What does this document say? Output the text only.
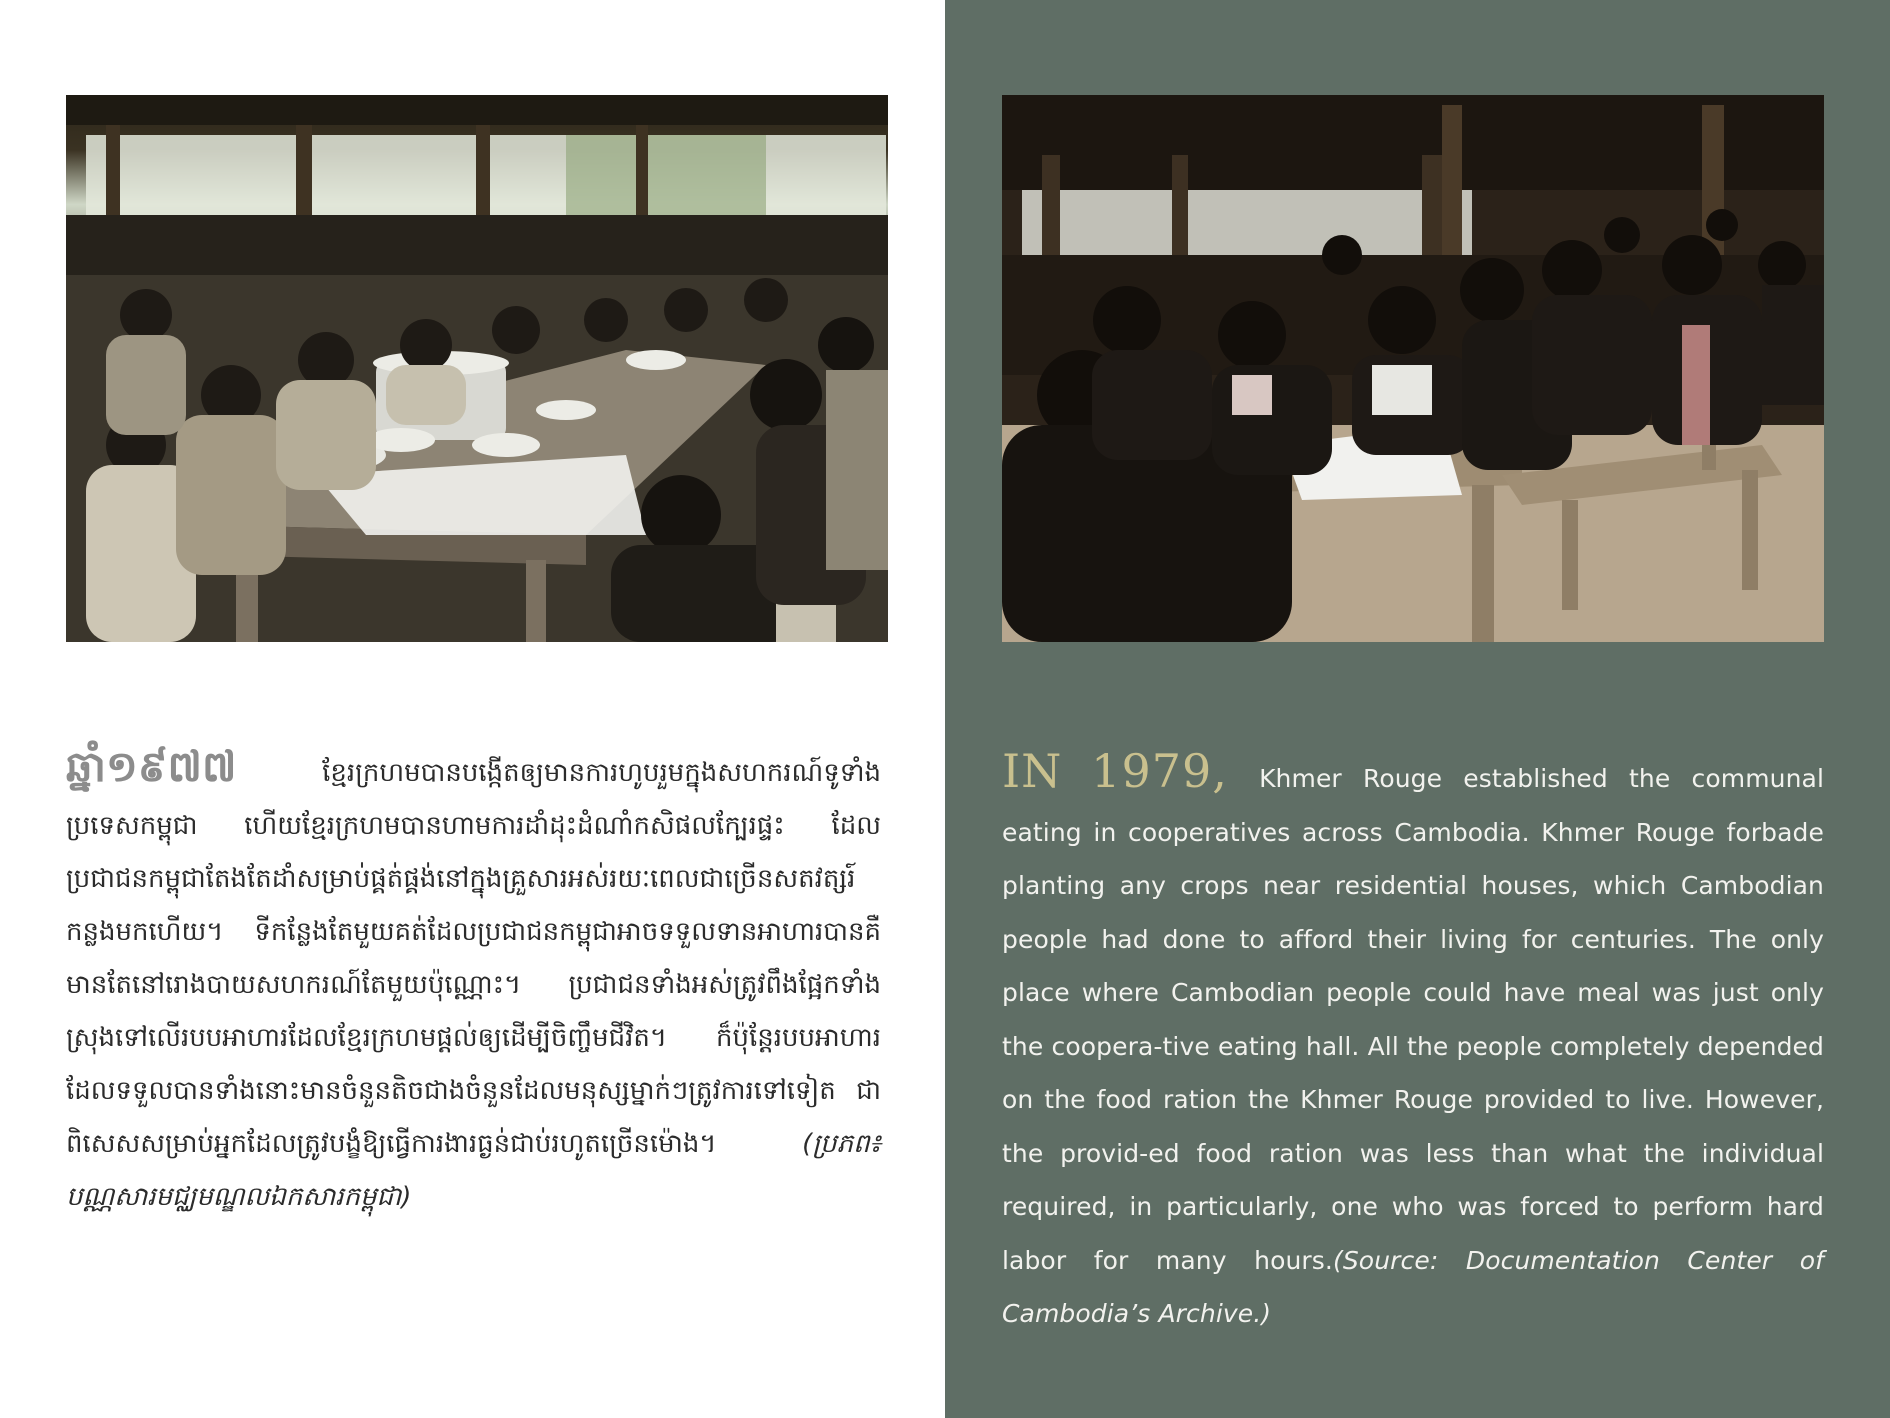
ឆ្នាំ១៩៧៧	ខ្មែរក្រហមបានបង្កើតឲ្យមានការហូបរួមក្នុងសហករណ៍ទូទាំងប្រទេសកម្ពុជា ហើយខ្មែរក្រហមបានហាមការដាំដុះដំណាំកសិផលក្បែរផ្ទះ ដែលប្រជាជនកម្ពុជាតែងតែដាំសម្រាប់ផ្គត់ផ្គង់នៅក្នុងគ្រួសារអស់រយៈពេលជាច្រើនសតវត្សរ៍កន្លងមកហើយ។ ទីកន្លែងតែមួយគត់ដែលប្រជាជនកម្ពុជាអាចទទួលទានអាហារបានគឺមានតែនៅរោងបាយសហករណ៍តែមួយប៉ុណ្ណោះ។ ប្រជាជនទាំងអស់ត្រូវពឹងផ្អែកទាំងស្រុងទៅលើរបបអាហារដែលខ្មែរក្រហមផ្តល់ឲ្យដើម្បីចិញ្ចឹមជីវិត។ ក៏ប៉ុន្តែរបបអាហារដែលទទួលបានទាំងនោះមានចំនួនតិចជាងចំនួនដែលមនុស្សម្នាក់ៗត្រូវការទៅទៀត ជាពិសេសសម្រាប់អ្នកដែលត្រូវបង្ខំឱ្យធ្វើការងារធ្ងន់ជាប់រហូតច្រើនម៉ោង។	(ប្រភព៖ បណ្ណសារមជ្ឈមណ្ឌលឯកសារកម្ពុជា)
IN 1979, Khmer Rouge established the communal eating in cooperatives across Cambodia. Khmer Rouge forbade planting any crops near residential houses, which Cambodian people had done to afford their living for centuries. The only place where Cambodian people could have meal was just only the coopera-tive eating hall. All the people completely depended on the food ration the Khmer Rouge provided to live. However, the provid-ed food ration was less than what the individual required, in particularly, one who was forced to perform hard labor for many hours.(Source: Documentation Center of Cambodia’s Archive.)
